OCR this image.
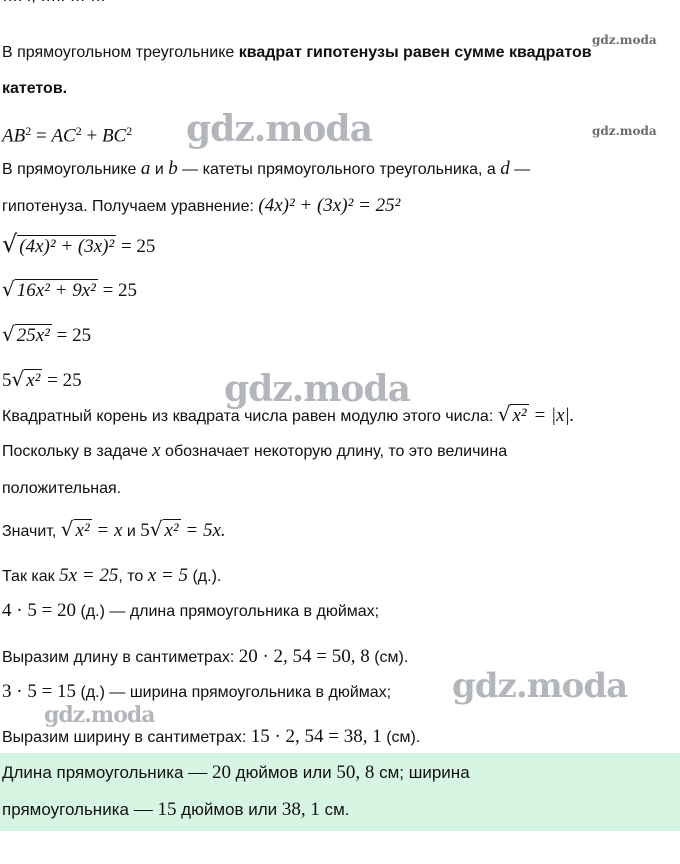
gdz.moda
gdz.moda
В прямоугольном треугольнике квадрат гипотенузы равен суммe квадратов
катетов.
$AB^2 = AC^2 + BC^2$ gdz.moda
В прямоугольнике a и b — катеты прямоугольного треугольника, а d —
гипотенуза. Получаем уравнение: (4x)² + (3x)² = 25²
√ (4x)² + (3x)² = 25
√ 16x² + 9x² = 25
√ 25x² = 25
5√ x² = 25	gdz.moda
Квадратный корень из квадрата числа равен модулю этого числа: √ x² = |x|.
Поскольку в задаче x обозначает некоторую длину, то это величина
положительная.
Значит, √ x² = x и 5√ x² = 5x.
Так как 5x = 25, то x = 5 (д.).
4 · 5 = 20 (д.) — длина прямоугольника в дюймах;
Выразим длину в сантиметрах: 20 · 2, 54 = 50, 8 (см).
3 · 5 = 15 (д.) — ширина прямоугольника в дюймах; gdz.moda
gdz.moda
Выразим ширину в сантиметрах: 15 · 2, 54 = 38, 1 (см).
Длина прямоугольника — 20 дюймов или 50, 8 см; ширина
прямоугольника — 15 дюймов или 38, 1 см.
